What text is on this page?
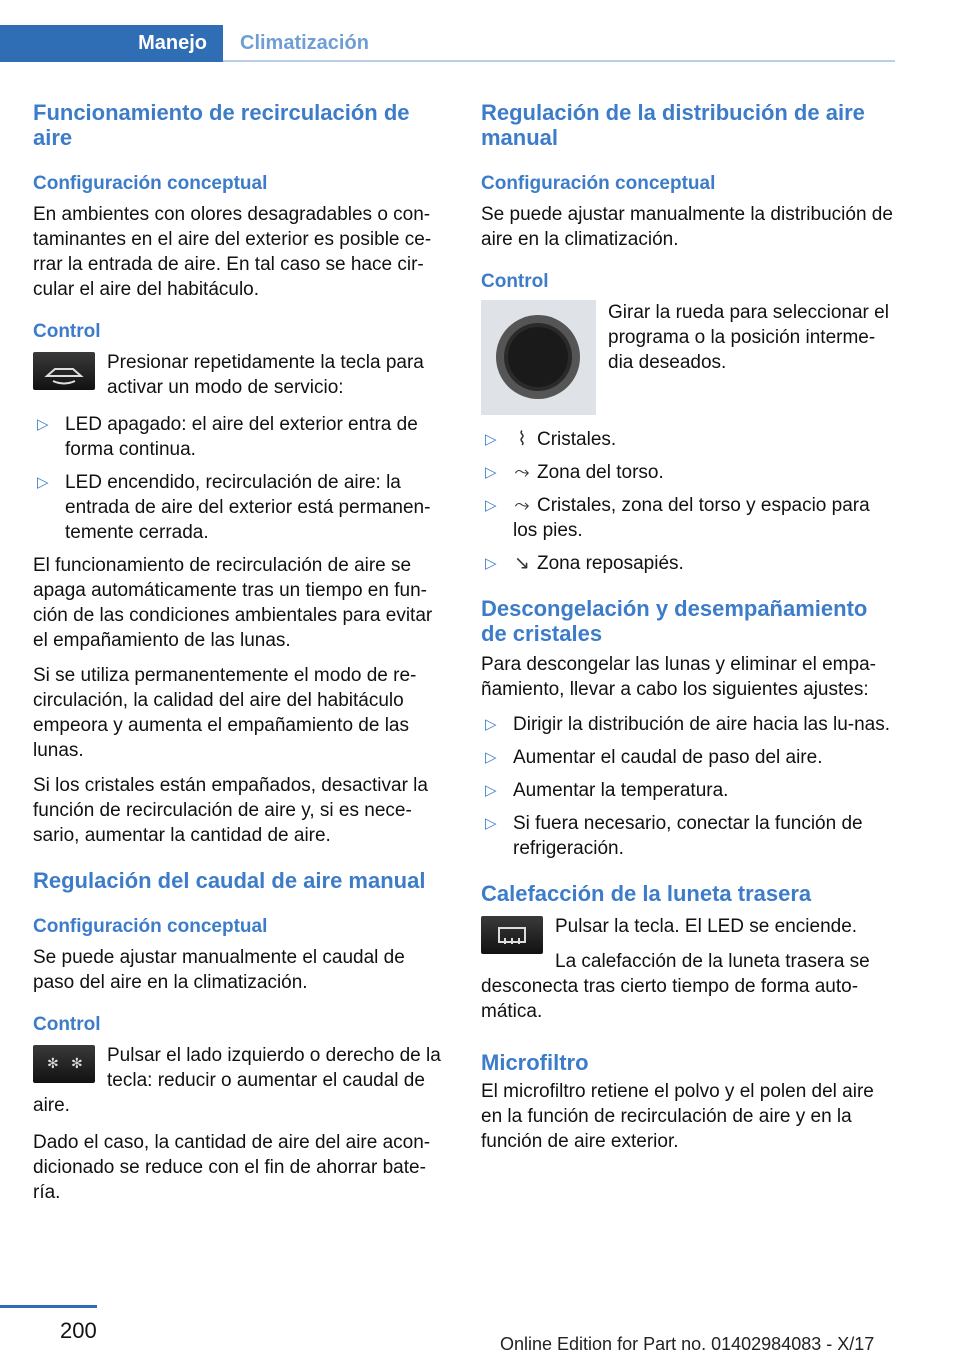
Manejo	Climatización
Funcionamiento de recirculación de aire
Configuración conceptual

En ambientes con olores desagradables o con-taminantes en el aire del exterior es posible ce-rrar la entrada de aire. En tal caso se hace cir-cular el aire del habitáculo.

Control
Presionar repetidamente la tecla para activar un modo de servicio:
▷ LED apagado: el aire del exterior entra de forma continua.
▷ LED encendido, recirculación de aire: la entrada de aire del exterior está permanen-temente cerrada.

El funcionamiento de recirculación de aire se apaga automáticamente tras un tiempo en fun-ción de las condiciones ambientales para evitar el empañamiento de las lunas.

Si se utiliza permanentemente el modo de re-circulación, la calidad del aire del habitáculo empeora y aumenta el empañamiento de las lunas.

Si los cristales están empañados, desactivar la función de recirculación de aire y, si es nece-sario, aumentar la cantidad de aire.

Regulación del caudal de aire manual
Configuración conceptual

Se puede ajustar manualmente el caudal de paso del aire en la climatización.

Control
✻ ✻ Pulsar el lado izquierdo o derecho de la tecla: reducir o aumentar el caudal de aire.

Dado el caso, la cantidad de aire del aire acon-dicionado se reduce con el fin de ahorrar bate-ría.

Regulación de la distribución de aire manual
Configuración conceptual

Se puede ajustar manualmente la distribución de aire en la climatización.

Control
Girar la rueda para seleccionar el programa o la posición interme-dia deseados.
▷ ⌇ Cristales.
▷ ⤳ Zona del torso.
▷ ⤳ Cristales, zona del torso y espacio para los pies.
▷ ↘ Zona reposapiés.
Descongelación y desempañamiento de cristales

Para descongelar las lunas y eliminar el empa-ñamiento, llevar a cabo los siguientes ajustes:

▷ Dirigir la distribución de aire hacia las lu-nas.
▷ Aumentar el caudal de paso del aire.
▷ Aumentar la temperatura.
▷ Si fuera necesario, conectar la función de refrigeración.
Calefacción de la luneta trasera

Pulsar la tecla. El LED se enciende.

La calefacción de la luneta trasera se desconecta tras cierto tiempo de forma auto-mática.

Microfiltro

El microfiltro retiene el polvo y el polen del aire en la función de recirculación de aire y en la función de aire exterior.

200
Online Edition for Part no. 01402984083 - X/17
